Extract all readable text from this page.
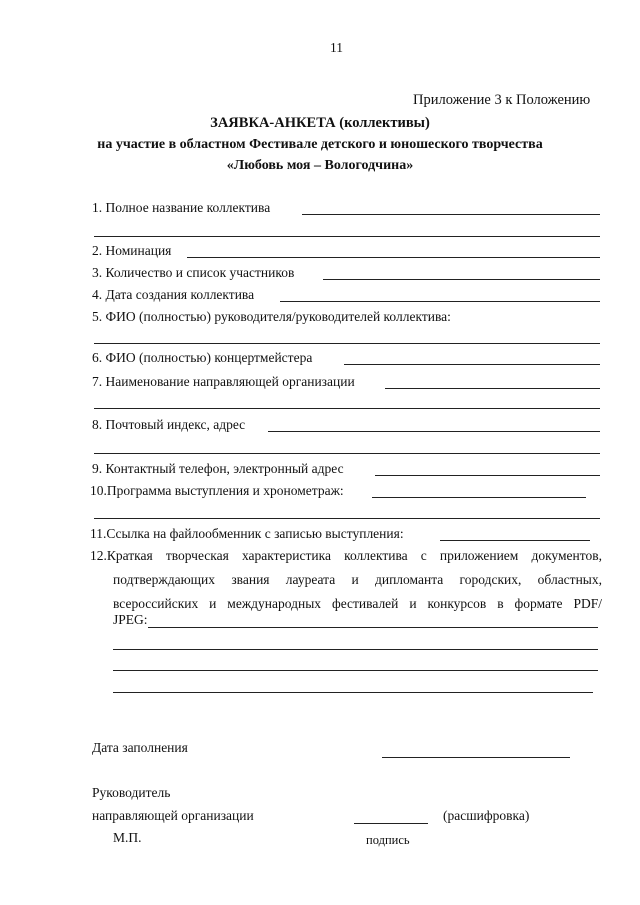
11
Приложение 3 к Положению
ЗАЯВКА-АНКЕТА (коллективы)
на участие в областном Фестивале детского и юношеского творчества
«Любовь моя – Вологодчина»
1. Полное название коллектива
2. Номинация
3. Количество и список участников
4. Дата создания коллектива
5. ФИО (полностью) руководителя/руководителей коллектива:
6. ФИО (полностью) концертмейстера
7. Наименование направляющей организации
8. Почтовый индекс, адрес
9. Контактный телефон, электронный адрес
10.Программа выступления и хронометраж:
11.Ссылка на файлообменник с записью выступления:
12.Краткая творческая характеристика коллектива с приложением документов,
подтверждающих звания лауреата и дипломанта городских, областных,
всероссийских и международных фестивалей и конкурсов в формате PDF/
JPEG:
Дата заполнения
Руководитель
направляющей организации	(расшифровка)
М.П.	подпись
